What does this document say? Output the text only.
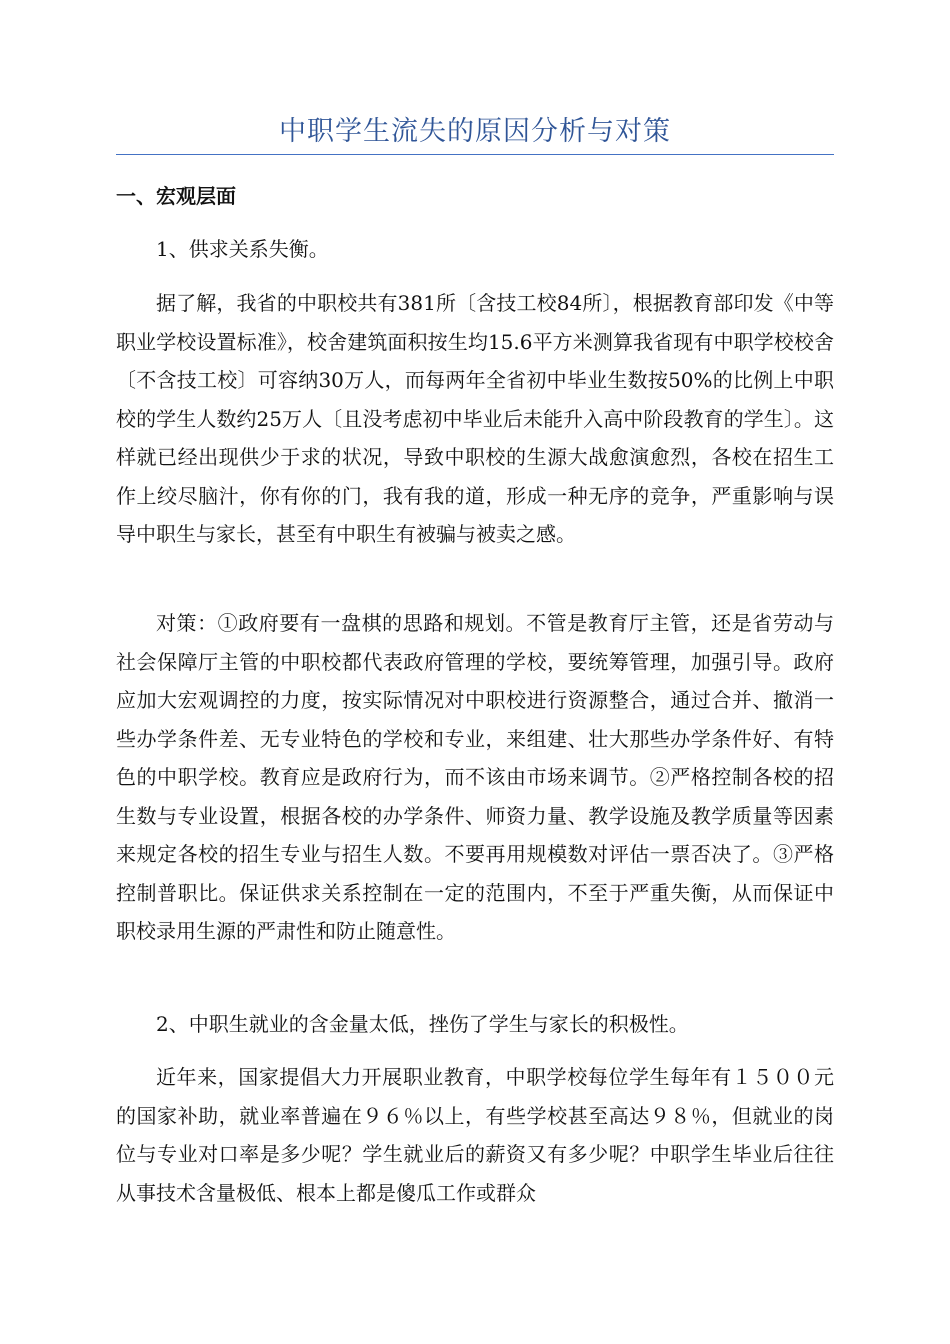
中职学生流失的原因分析与对策
一、宏观层面

1、供求关系失衡。

据了解，我省的中职校共有381所〔含技工校84所〕，根据教育部印发《中等职业学校设置标准》，校舍建筑面积按生均15.6平方米测算我省现有中职学校校舍〔不含技工校〕可容纳30万人，而每两年全省初中毕业生数按50%的比例上中职校的学生人数约25万人〔且没考虑初中毕业后未能升入高中阶段教育的学生〕。这样就已经出现供少于求的状况，导致中职校的生源大战愈演愈烈，各校在招生工作上绞尽脑汁，你有你的门，我有我的道，形成一种无序的竞争，严重影响与误导中职生与家长，甚至有中职生有被骗与被卖之感。

对策：①政府要有一盘棋的思路和规划。不管是教育厅主管，还是省劳动与社会保障厅主管的中职校都代表政府管理的学校，要统筹管理，加强引导。政府应加大宏观调控的力度，按实际情况对中职校进行资源整合，通过合并、撤消一些办学条件差、无专业特色的学校和专业，来组建、壮大那些办学条件好、有特色的中职学校。教育应是政府行为，而不该由市场来调节。②严格控制各校的招生数与专业设置，根据各校的办学条件、师资力量、教学设施及教学质量等因素来规定各校的招生专业与招生人数。不要再用规模数对评估一票否决了。③严格控制普职比。保证供求关系控制在一定的范围内，不至于严重失衡，从而保证中职校录用生源的严肃性和防止随意性。

2、中职生就业的含金量太低，挫伤了学生与家长的积极性。

近年来，国家提倡大力开展职业教育，中职学校每位学生每年有１５００元的国家补助，就业率普遍在９６％以上，有些学校甚至高达９８％，但就业的岗位与专业对口率是多少呢？学生就业后的薪资又有多少呢？中职学生毕业后往往从事技术含量极低、根本上都是傻瓜工作或群众
